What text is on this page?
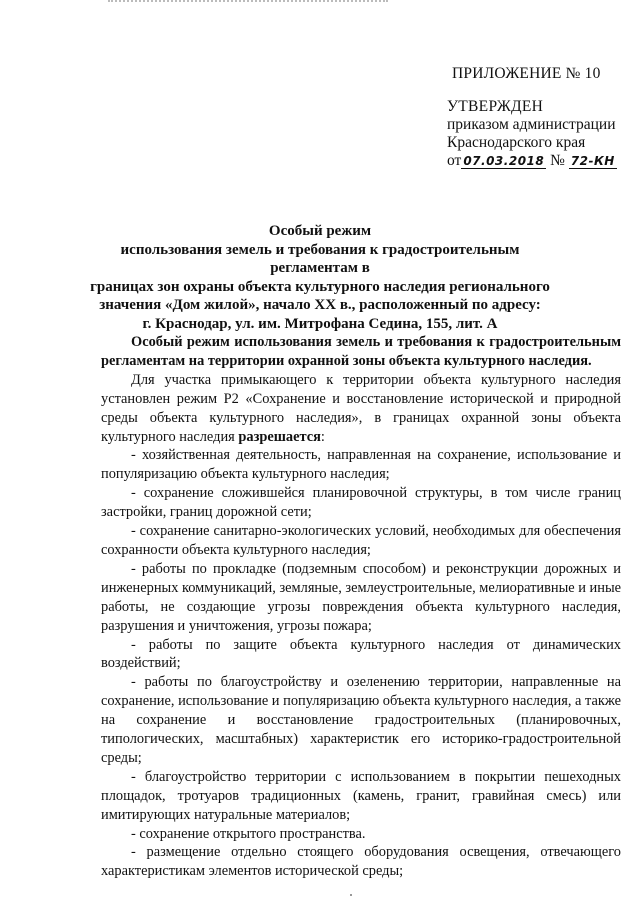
ПРИЛОЖЕНИЕ № 10
УТВЕРЖДЕН
приказом администрации
Краснодарского края
от 07.03.2018 № 72-КН
Особый режим
использования земель и требования к градостроительным регламентам в
границах зон охраны объекта культурного наследия регионального
значения «Дом жилой», начало XX в., расположенный по адресу:
г. Краснодар, ул. им. Митрофана Седина, 155, лит. А

Особый режим использования земель и требования к градостроительным регламентам на территории охранной зоны объекта культурного наследия.

Для участка примыкающего к территории объекта культурного наследия установлен режим Р2 «Сохранение и восстановление исторической и природной среды объекта культурного наследия», в границах охранной зоны объекта культурного наследия разрешается:

- хозяйственная деятельность, направленная на сохранение, использование и популяризацию объекта культурного наследия;

- сохранение сложившейся планировочной структуры, в том числе границ застройки, границ дорожной сети;

- сохранение санитарно-экологических условий, необходимых для обеспечения сохранности объекта культурного наследия;

- работы по прокладке (подземным способом) и реконструкции дорожных и инженерных коммуникаций, земляные, землеустроительные, мелиоративные и иные работы, не создающие угрозы повреждения объекта культурного наследия, разрушения и уничтожения, угрозы пожара;

- работы по защите объекта культурного наследия от динамических воздействий;

- работы по благоустройству и озеленению территории, направленные на сохранение, использование и популяризацию объекта культурного наследия, а также на сохранение и восстановление градостроительных (планировочных, типологических, масштабных) характеристик его историко-градостроительной среды;

- благоустройство территории с использованием в покрытии пешеходных площадок, тротуаров традиционных (камень, гранит, гравийная смесь) или имитирующих натуральные материалов;

- сохранение открытого пространства.

- размещение отдельно стоящего оборудования освещения, отвечающего характеристикам элементов исторической среды;
